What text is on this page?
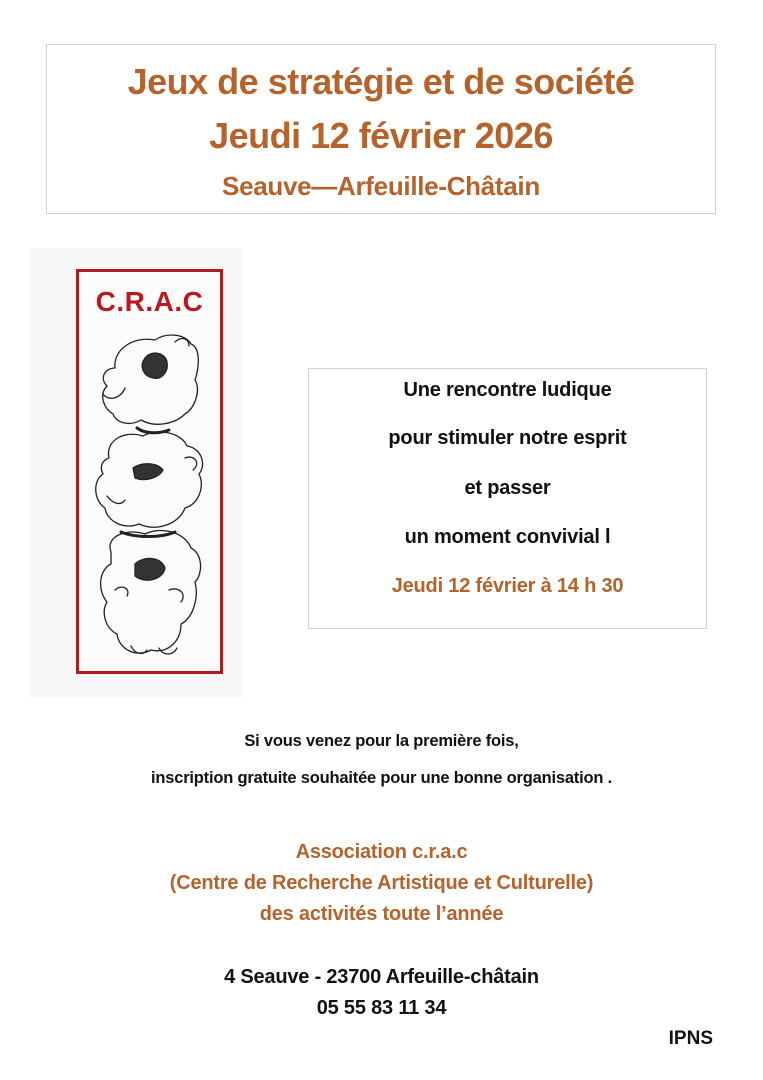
Jeux de stratégie et de société
Jeudi 12 février 2026
Seauve—Arfeuille-Châtain
C.R.A.C
Une rencontre ludique
pour stimuler notre esprit
et passer
un moment convivial l
Jeudi 12 février à 14 h 30
Si vous venez pour la première fois,
inscription gratuite souhaitée pour une bonne organisation .
Association c.r.a.c
(Centre de Recherche Artistique et Culturelle)
des activités toute l’année
4 Seauve - 23700 Arfeuille-châtain
05 55 83 11 34
IPNS
